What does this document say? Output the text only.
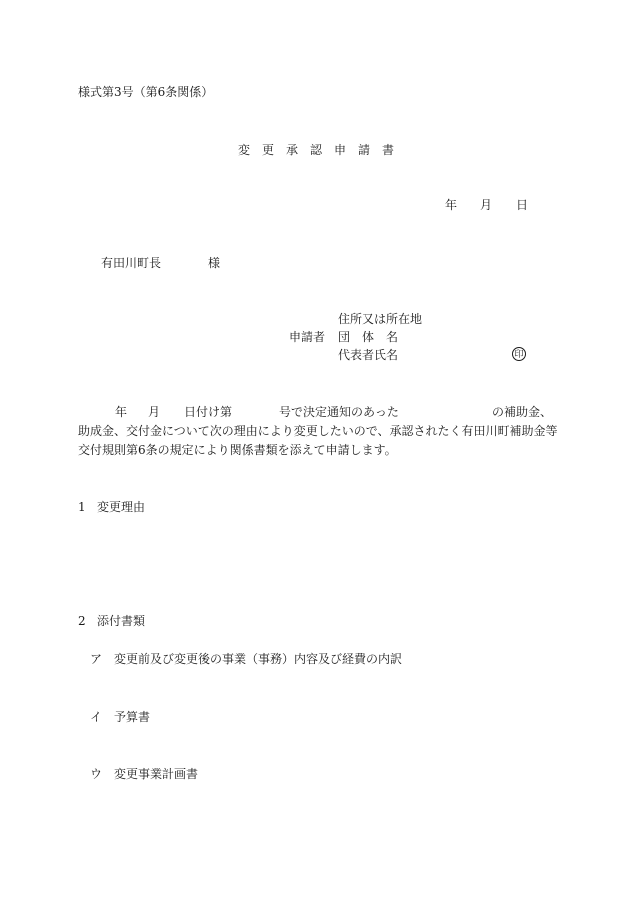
様式第3号（第6条関係）
変　更　承　認　申　請　書
年 月 日
有田川町長	様
住所又は所在地
申請者 団　体　名
代表者氏名	印
年 月 日付け第	号で決定通知のあった	の補助金、
助成金、交付金について次の理由により変更したいので、承認されたく有田川町補助金等
交付規則第6条の規定により関係書類を添えて申請します。
1 変更理由
2 添付書類
ア 変更前及び変更後の事業（事務）内容及び経費の内訳
イ 予算書
ウ 変更事業計画書
